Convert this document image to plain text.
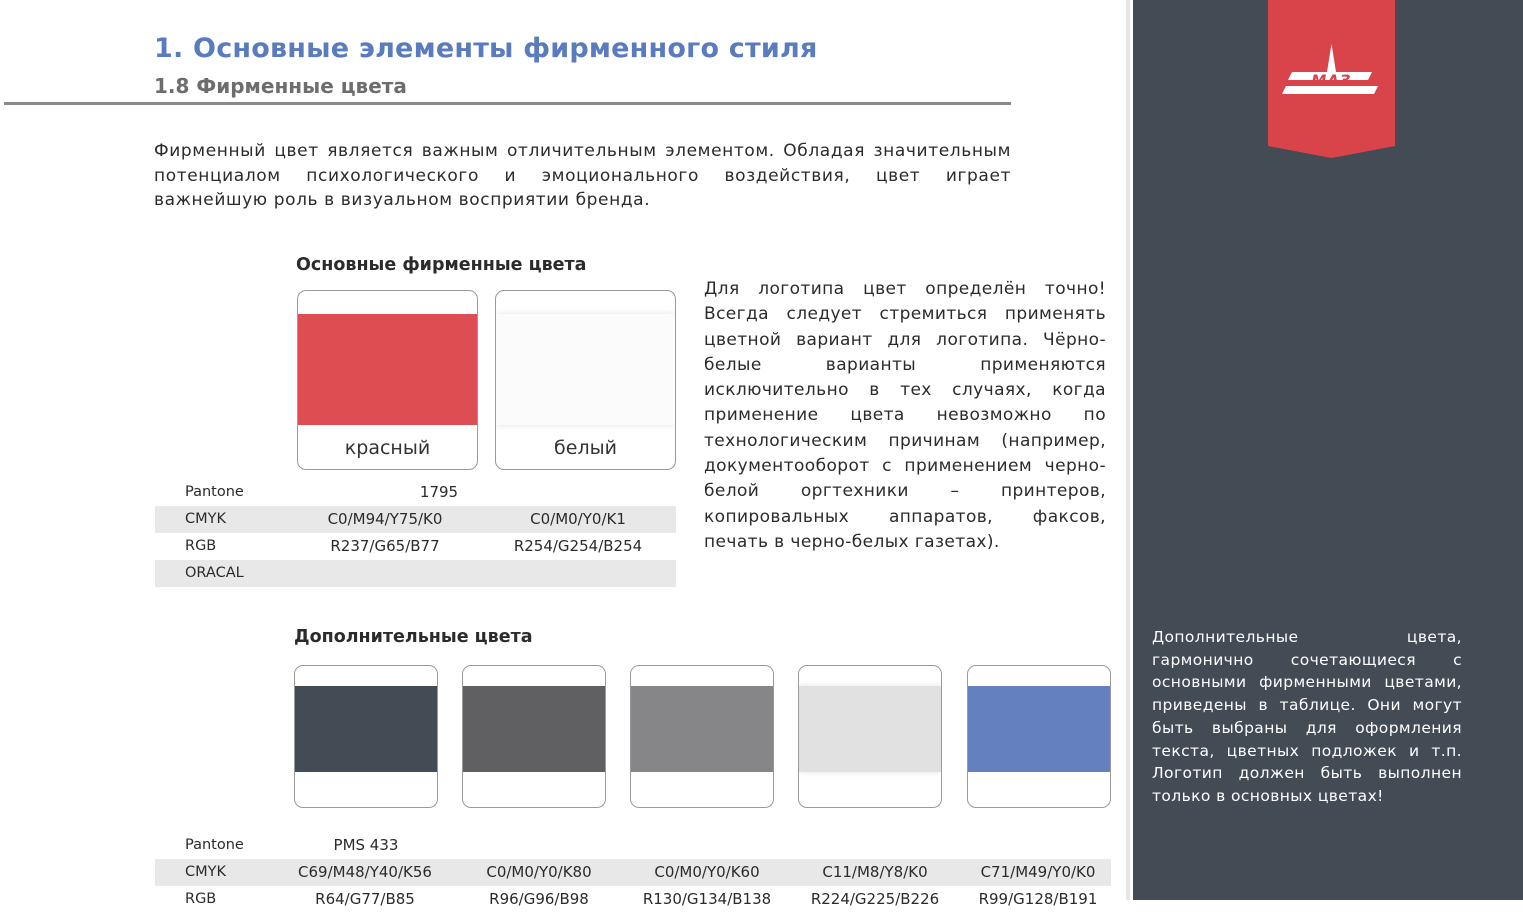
1. Основные элементы фирменного стиля
1.8 Фирменные цвета

Фирменный цвет является важным отличительным элементом. Обладая значительным потенциалом психологического и эмоционального воздействия, цвет играет важнейшую роль в визуальном восприятии бренда.

Основные фирменные цвета
красный	белый
Pantone	1795
CMYK	C0/M94/Y75/K0	C0/M0/Y0/K1
RGB	R237/G65/B77	R254/G254/B254
ORACAL

Для логотипа цвет определён точно! Всегда следует стремиться применять цветной вариант для логотипа. Чёрно-белые варианты применяются исключительно в тех случаях, когда применение цвета невозможно по технологическим причинам (например, документооборот с применением черно-белой оргтехники – принтеров, копировальных аппаратов, факсов, печать в черно-белых газетах).

Дополнительные цвета
Pantone	PMS 433
CMYK	C69/M48/Y40/K56	C0/M0/Y0/K80	C0/M0/Y0/K60	C11/M8/Y8/K0	C71/M49/Y0/K0
RGB	R64/G77/B85	R96/G96/B98	R130/G134/B138	R224/G225/B226	R99/G128/B191
МАЗ

Дополнительные цвета, гармонично сочетающиеся с основными фирменными цветами, приведены в таблице. Они могут быть выбраны для оформления текста, цветных подложек и т.п. Логотип должен быть выполнен только в основных цветах!
